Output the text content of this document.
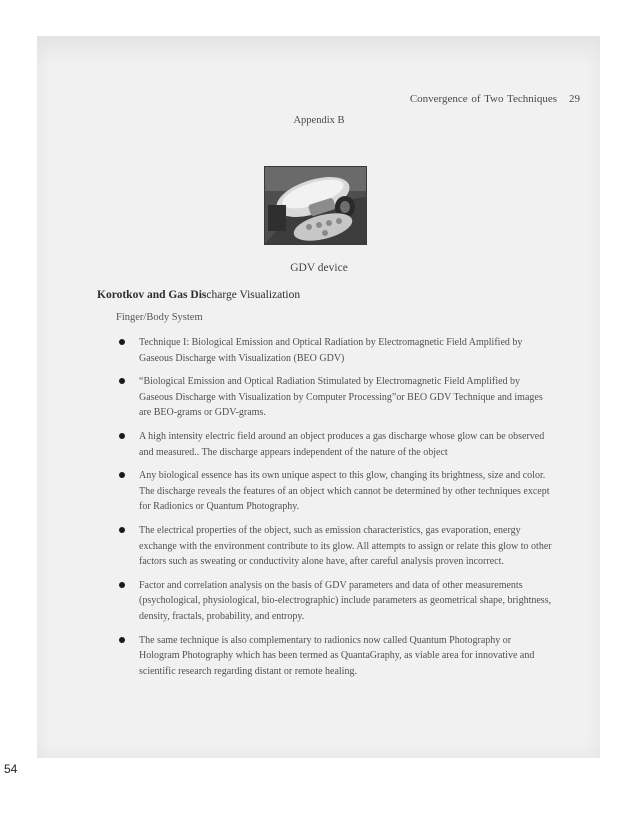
Convergence of Two Techniques 29
Appendix B
GDV device
Korotkov and Gas Discharge Visualization
Finger/Body System
Technique I: Biological Emission and Optical Radiation by Electromagnetic Field Amplified by Gaseous Discharge with Visualization (BEO GDV)
“Biological Emission and Optical Radiation Stimulated by Electromagnetic Field Amplified by Gaseous Discharge with Visualization by Computer Processing”or BEO GDV Technique and images are BEO-grams or GDV-grams.
A high intensity electric field around an object produces a gas discharge whose glow can be observed and measured.. The discharge appears independent of the nature of the object
Any biological essence has its own unique aspect to this glow, changing its brightness, size and color. The discharge reveals the features of an object which cannot be determined by other techniques except for Radionics or Quantum Photography.
The electrical properties of the object, such as emission characteristics, gas evaporation, energy exchange with the environment contribute to its glow. All attempts to assign or relate this glow to other factors such as sweating or conductivity alone have, after careful analysis proven incorrect.
Factor and correlation analysis on the basis of GDV parameters and data of other measurements (psychological, physiological, bio-electrographic) include parameters as geometrical shape, brightness, density, fractals, probability, and entropy.
The same technique is also complementary to radionics now called Quantum Photography or Hologram Photography which has been termed as QuantaGraphy, as viable area for innovative and scientific research regarding distant or remote healing.
54
